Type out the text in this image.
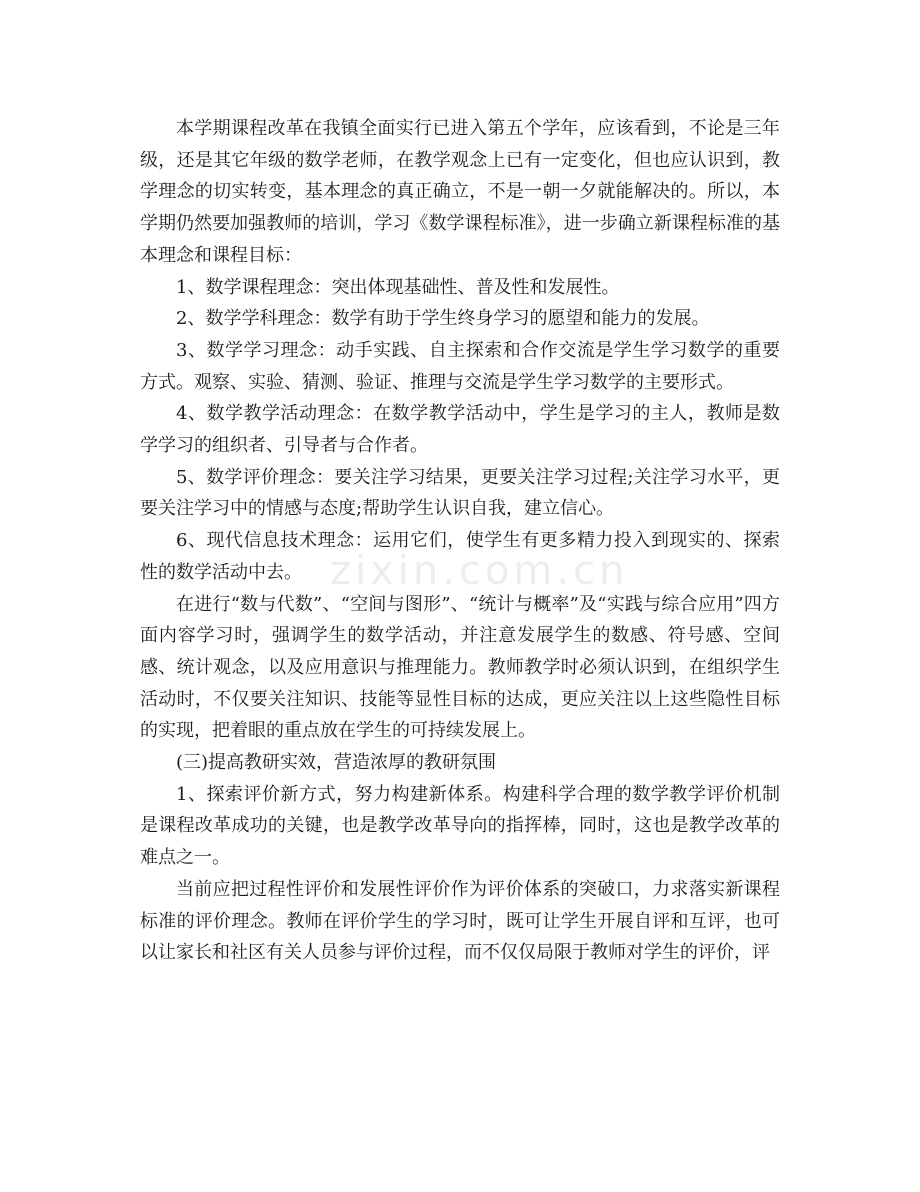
本学期课程改革在我镇全面实行已进入第五个学年，应该看到，不论是三年级，还是其它年级的数学老师，在教学观念上已有一定变化，但也应认识到，教学理念的切实转变，基本理念的真正确立，不是一朝一夕就能解决的。所以，本学期仍然要加强教师的培训，学习《数学课程标准》，进一步确立新课程标准的基本理念和课程目标：

1、数学课程理念：突出体现基础性、普及性和发展性。

2、数学学科理念：数学有助于学生终身学习的愿望和能力的发展。

3、数学学习理念：动手实践、自主探索和合作交流是学生学习数学的重要方式。观察、实验、猜测、验证、推理与交流是学生学习数学的主要形式。

4、数学教学活动理念：在数学教学活动中，学生是学习的主人，教师是数学学习的组织者、引导者与合作者。

5、数学评价理念：要关注学习结果，更要关注学习过程;关注学习水平，更要关注学习中的情感与态度;帮助学生认识自我，建立信心。

6、现代信息技术理念：运用它们，使学生有更多精力投入到现实的、探索性的数学活动中去。

在进行“数与代数”、“空间与图形”、“统计与概率”及“实践与综合应用”四方面内容学习时，强调学生的数学活动，并注意发展学生的数感、符号感、空间感、统计观念，以及应用意识与推理能力。教师教学时必须认识到，在组织学生活动时，不仅要关注知识、技能等显性目标的达成，更应关注以上这些隐性目标的实现，把着眼的重点放在学生的可持续发展上。

(三)提高教研实效，营造浓厚的教研氛围

1、探索评价新方式，努力构建新体系。构建科学合理的数学教学评价机制是课程改革成功的关键，也是教学改革导向的指挥棒，同时，这也是教学改革的难点之一。

当前应把过程性评价和发展性评价作为评价体系的突破口，力求落实新课程标准的评价理念。教师在评价学生的学习时，既可让学生开展自评和互评，也可以让家长和社区有关人员参与评价过程，而不仅仅局限于教师对学生的评价，评

zixin.com.cn
